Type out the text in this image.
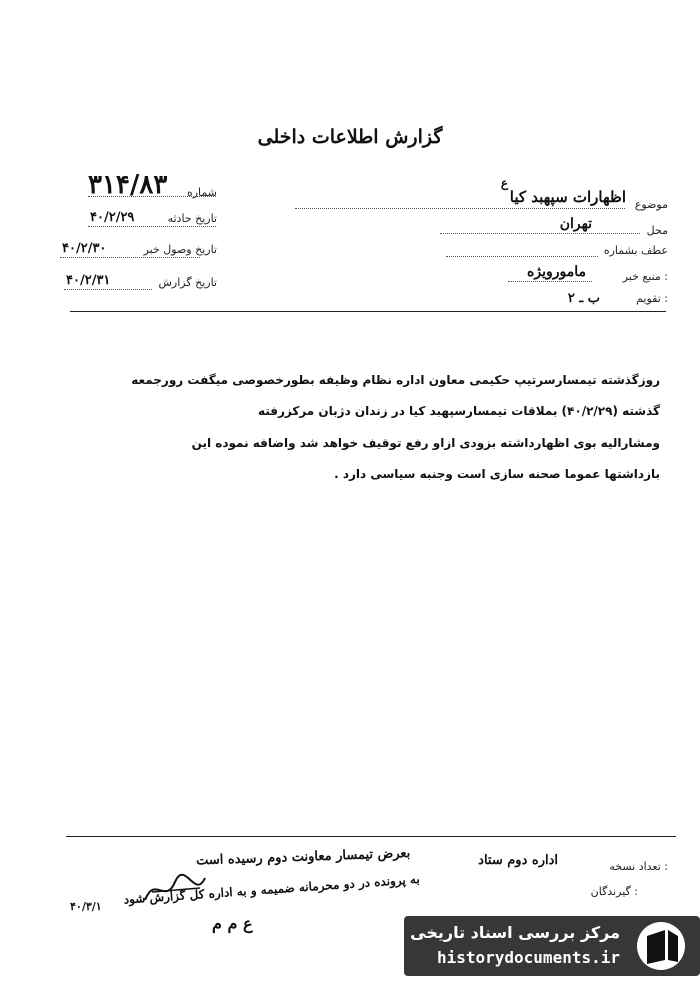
گزارش اطلاعات داخلی
شماره
۳۱۴/۸۳
تاریخ حادثه
۴۰/۲/۲۹
تاریخ وصول خبر
۴۰/۲/۳۰
تاریخ گزارش
۴۰/۲/۳۱
ع
موضوع
اظهارات سپهبد کیا
محل
تهران
عطف بشماره
منبع خبر :
مامورویژه
تقویم :
ب ـ ۲
روزگذشته تیمسارسرتیپ حکیمی معاون اداره نظام وظیفه بطورخصوصی میگفت رورجمعه
گذشته (۴۰/۲/۲۹) بملاقات تیمسارسپهبد کیا در زندان دژبان مرکزرفته
ومشارالیه بوی اظهارداشته بزودی ازاو رفع توقیف خواهد شد واضافه نموده این
بازداشتها عموما صحنه سازی است وجنبه سیاسی دارد .
تعداد نسخه :
اداره دوم ستاد
گیرندگان :
بعرض تیمسار معاونت دوم رسیده است
به پرونده در دو محرمانه ضمیمه و به اداره کل گزارش شود
۴۰/۳/۱
ع م م	مرکز بررسی اسناد تاریخی
historydocuments.ir
